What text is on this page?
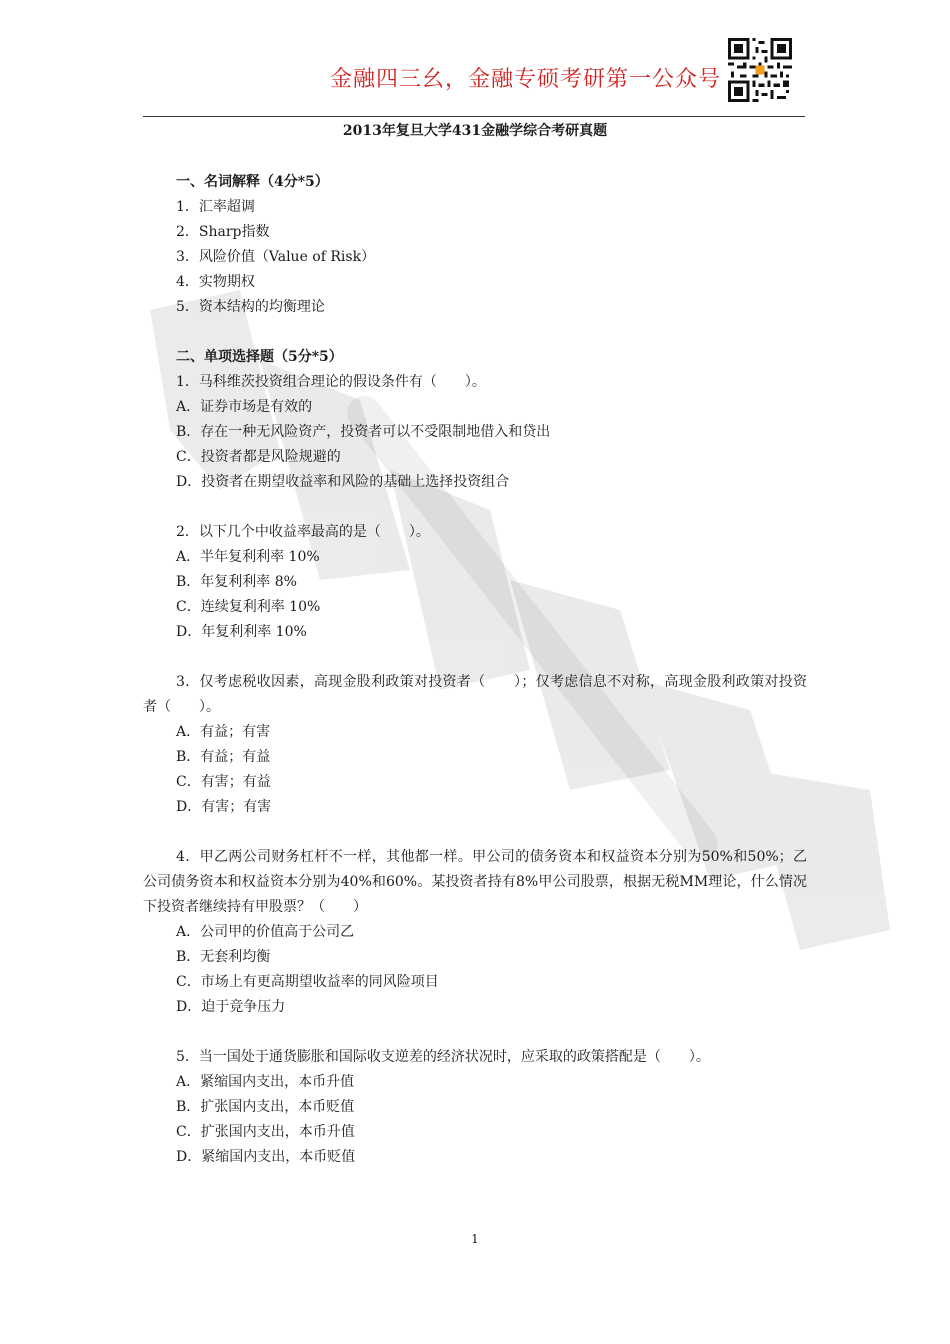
金融四三幺，金融专硕考研第一公众号
2013年复旦大学431金融学综合考研真题
一、名词解释（4分*5）
1．汇率超调
2．Sharp指数
3．风险价值（Value of Risk）
4．实物期权
5．资本结构的均衡理论
二、单项选择题（5分*5）
1．马科维茨投资组合理论的假设条件有（　　）。
A．证券市场是有效的
B．存在一种无风险资产，投资者可以不受限制地借入和贷出
C．投资者都是风险规避的
D．投资者在期望收益率和风险的基础上选择投资组合
2．以下几个中收益率最高的是（　　）。
A．半年复利利率 10%
B．年复利利率 8%
C．连续复利利率 10%
D．年复利利率 10%
3．仅考虑税收因素，高现金股利政策对投资者（　　）；仅考虑信息不对称，高现金股利政策对投资者（　　）。
A．有益；有害
B．有益；有益
C．有害；有益
D．有害；有害
4．甲乙两公司财务杠杆不一样，其他都一样。甲公司的债务资本和权益资本分别为50%和50%；乙公司债务资本和权益资本分别为40%和60%。某投资者持有8%甲公司股票，根据无税MM理论，什么情况下投资者继续持有甲股票？（　　）
A．公司甲的价值高于公司乙
B．无套利均衡
C．市场上有更高期望收益率的同风险项目
D．迫于竞争压力
5．当一国处于通货膨胀和国际收支逆差的经济状况时，应采取的政策搭配是（　　）。
A．紧缩国内支出，本币升值
B．扩张国内支出，本币贬值
C．扩张国内支出，本币升值
D．紧缩国内支出，本币贬值
1
